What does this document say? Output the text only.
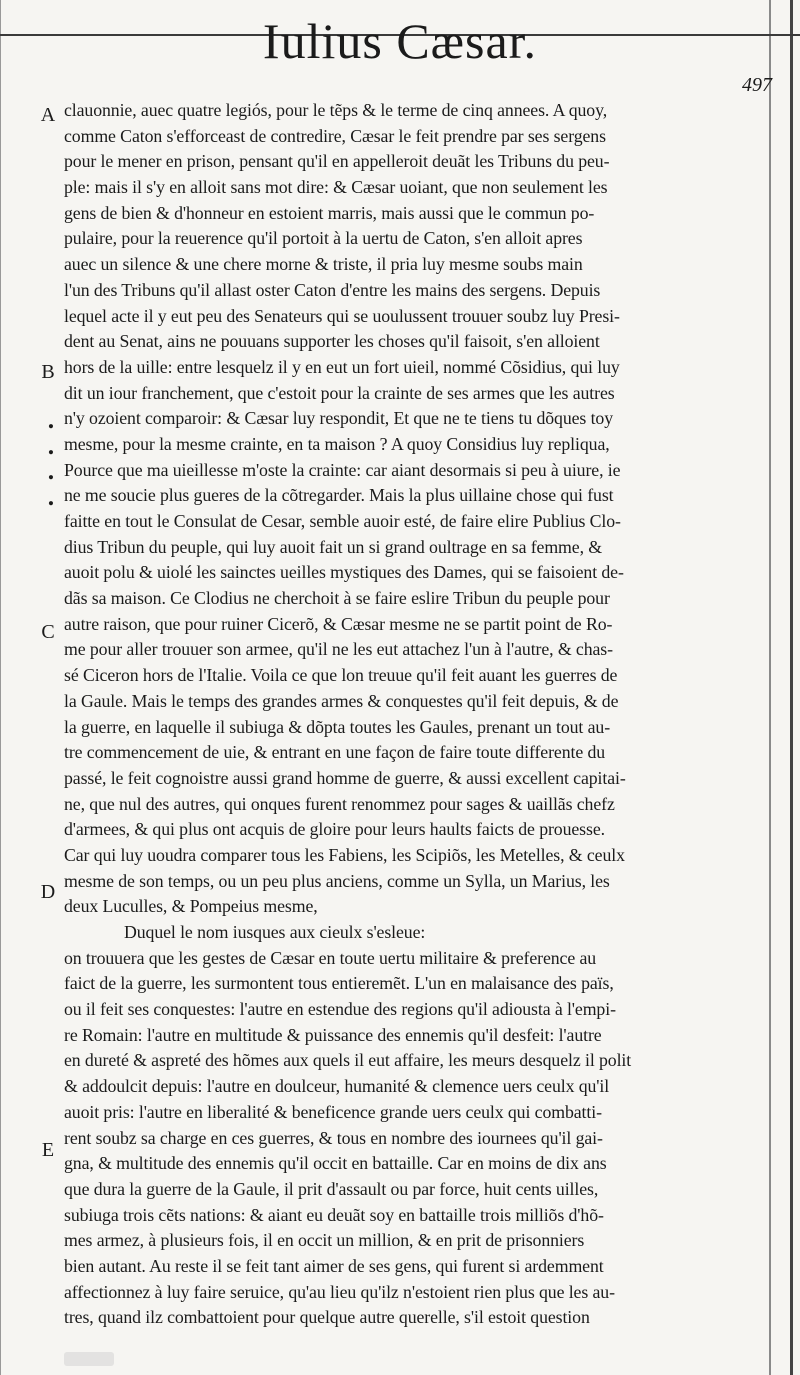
Iulius Cæsar.
497
A
B
.
.
.
.
C
D
E
clauonnie, auec quatre legiós, pour le tẽps & le terme de cinq annees. A quoy,
comme Caton s'efforceast de contredire, Cæsar le feit prendre par ses sergens
pour le mener en prison, pensant qu'il en appelleroit deuãt les Tribuns du peu-
ple: mais il s'y en alloit sans mot dire: & Cæsar uoiant, que non seulement les
gens de bien & d'honneur en estoient marris, mais aussi que le commun po-
pulaire, pour la reuerence qu'il portoit à la uertu de Caton, s'en alloit apres
auec un silence & une chere morne & triste, il pria luy mesme soubs main
l'un des Tribuns qu'il allast oster Caton d'entre les mains des sergens. Depuis
lequel acte il y eut peu des Senateurs qui se uoulussent trouuer soubz luy Presi-
dent au Senat, ains ne pouuans supporter les choses qu'il faisoit, s'en alloient
hors de la uille: entre lesquelz il y en eut un fort uieil, nommé Cõsidius, qui luy
dit un iour franchement, que c'estoit pour la crainte de ses armes que les autres
n'y ozoient comparoir: & Cæsar luy respondit, Et que ne te tiens tu dõques toy
mesme, pour la mesme crainte, en ta maison ? A quoy Considius luy repliqua,
Pource que ma uieillesse m'oste la crainte: car aiant desormais si peu à uiure, ie
ne me soucie plus gueres de la cõtregarder. Mais la plus uillaine chose qui fust
faitte en tout le Consulat de Cesar, semble auoir esté, de faire elire Publius Clo-
dius Tribun du peuple, qui luy auoit fait un si grand oultrage en sa femme, &
auoit polu & uiolé les sainctes ueilles mystiques des Dames, qui se faisoient de-
dãs sa maison. Ce Clodius ne cherchoit à se faire eslire Tribun du peuple pour
autre raison, que pour ruiner Cicerõ, & Cæsar mesme ne se partit point de Ro-
me pour aller trouuer son armee, qu'il ne les eut attachez l'un à l'autre, & chas-
sé Ciceron hors de l'Italie. Voila ce que lon treuue qu'il feit auant les guerres de
la Gaule. Mais le temps des grandes armes & conquestes qu'il feit depuis, & de
la guerre, en laquelle il subiuga & dõpta toutes les Gaules, prenant un tout au-
tre commencement de uie, & entrant en une façon de faire toute differente du
passé, le feit cognoistre aussi grand homme de guerre, & aussi excellent capitai-
ne, que nul des autres, qui onques furent renommez pour sages & uaillãs chefz
d'armees, & qui plus ont acquis de gloire pour leurs haults faicts de prouesse.
Car qui luy uoudra comparer tous les Fabiens, les Scipiõs, les Metelles, & ceulx
mesme de son temps, ou un peu plus anciens, comme un Sylla, un Marius, les
deux Luculles, & Pompeius mesme,
Duquel le nom iusques aux cieulx s'esleue:
on trouuera que les gestes de Cæsar en toute uertu militaire & preference au
faict de la guerre, les surmontent tous entieremẽt. L'un en malaisance des païs,
ou il feit ses conquestes: l'autre en estendue des regions qu'il adiousta à l'empi-
re Romain: l'autre en multitude & puissance des ennemis qu'il desfeit: l'autre
en dureté & aspreté des hõmes aux quels il eut affaire, les meurs desquelz il polit
& addoulcit depuis: l'autre en doulceur, humanité & clemence uers ceulx qu'il
auoit pris: l'autre en liberalité & beneficence grande uers ceulx qui combatti-
rent soubz sa charge en ces guerres, & tous en nombre des iournees qu'il gai-
gna, & multitude des ennemis qu'il occit en battaille. Car en moins de dix ans
que dura la guerre de la Gaule, il prit d'assault ou par force, huit cents uilles,
subiuga trois cẽts nations: & aiant eu deuãt soy en battaille trois milliõs d'hõ-
mes armez, à plusieurs fois, il en occit un million, & en prit de prisonniers
bien autant. Au reste il se feit tant aimer de ses gens, qui furent si ardemment
affectionnez à luy faire seruice, qu'au lieu qu'ilz n'estoient rien plus que les au-
tres, quand ilz combattoient pour quelque autre querelle, s'il estoit question
